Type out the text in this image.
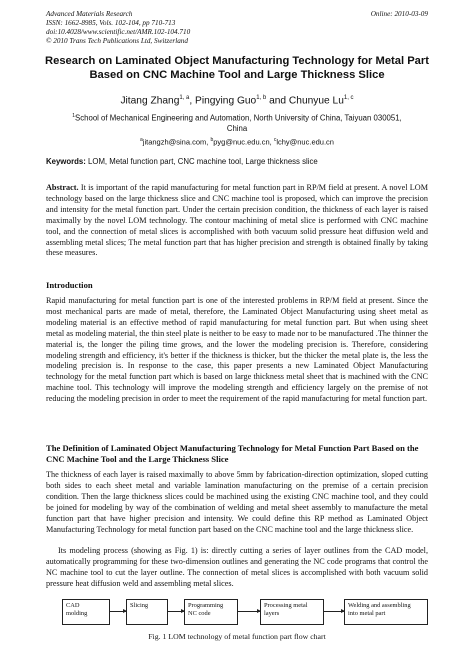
Advanced Materials Research
ISSN: 1662-8985, Vols. 102-104, pp 710-713
doi:10.4028/www.scientific.net/AMR.102-104.710
© 2010 Trans Tech Publications Ltd, Switzerland
Online: 2010-03-09
Research on Laminated Object Manufacturing Technology for Metal Part
Based on CNC Machine Tool and Large Thickness Slice
Jitang Zhang$^{1, a}$, Pingying Guo$^{1, b}$ and Chunyue Lu$^{1, c}$
$^1$School of Mechanical Engineering and Automation, North University of China, Taiyuan 030051,
China
$^a$jitangzh@sina.com, $^b$pyg@nuc.edu.cn, $^c$lchy@nuc.edu.cn
Keywords: LOM, Metal function part, CNC machine tool, Large thickness slice

Abstract. It is important of the rapid manufacturing for metal function part in RP/M field at present. A novel LOM technology based on the large thickness slice and CNC machine tool is proposed, which can improve the precision and intensity for the metal function part. Under the certain precision condition, the thickness of each layer is raised maximally by the novel LOM technology. The contour machining of metal slice is performed with CNC machine tool, and the connection of metal slices is accomplished with both vacuum solid pressure heat diffusion weld and assembling metal slices; The metal function part that has higher precision and strength is obtained finally by taking these measures.

Introduction

Rapid manufacturing for metal function part is one of the interested problems in RP/M field at present. Since the most mechanical parts are made of metal, therefore, the Laminated Object Manufacturing using sheet metal as modeling material is an effective method of rapid manufacturing for metal function part. But when using sheet metal as modeling material, the thin steel plate is neither to be easy to made nor to be manufactured .The thinner the material is, the longer the piling time grows, and the lower the modeling precision is. Therefore, considering modeling strength and efficiency, it's better if the thickness is thicker, but the thicker the metal plate is, the less the modeling precision is. In response to the case, this paper presents a new Laminated Object Manufacturing technology for the metal function part which is based on large thickness metal sheet that is machined with the CNC machine tool. This technology will improve the modeling strength and efficiency largely on the premise of not reducing the modeling precision in order to meet the requirement of the rapid manufacturing for metal function part.

The Definition of Laminated Object Manufacturing Technology for Metal Function Part Based on the CNC Machine Tool and the Large Thickness Slice

The thickness of each layer is raised maximally to above 5mm by fabrication-direction optimization, sloped cutting both sides to each sheet metal and variable lamination manufacturing on the premise of a certain precision condition. Then the large thickness slices could be machined using the existing CNC machine tool, and they could be joined for modeling by way of the combination of welding and metal sheet assembly to manufacture the metal function part that have higher precision and intensity. We could define this RP method as Laminated Object Manufacturing Technology for metal function part based on the CNC machine tool and the large thickness slice.

Its modeling process (showing as Fig. 1) is: directly cutting a series of layer outlines from the CAD model, automatically programming for these two-dimension outlines and generating the NC code programs that control the NC machine tool to cut the layer outline. The connection of metal slices is accomplished with both vacuum solid pressure heat diffusion weld and assembling metal slices.

CAD
molding
Slicing	Programming
NC code
Processing metal
layers
Welding and assembling
into metal part
Fig. 1 LOM technology of metal function part flow chart
